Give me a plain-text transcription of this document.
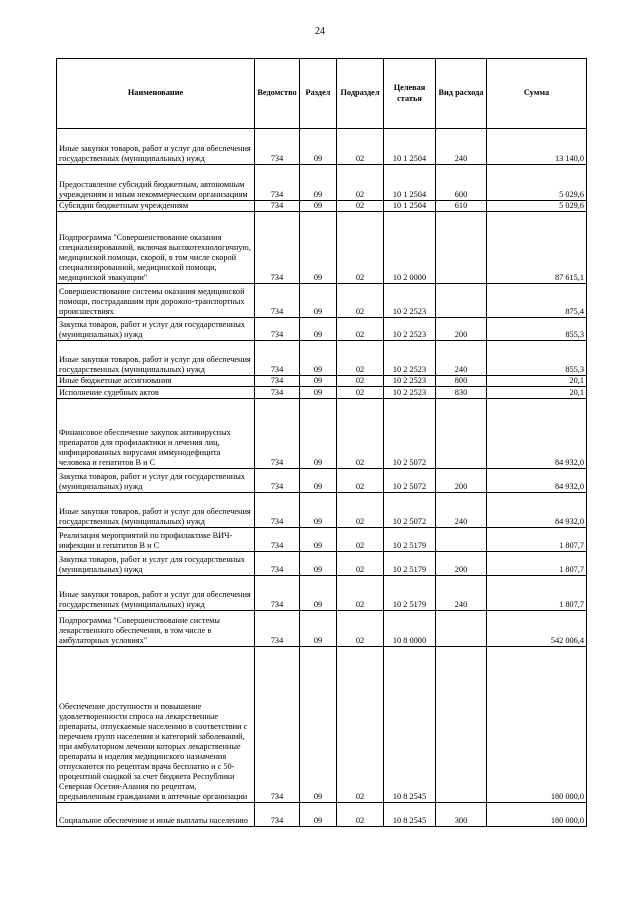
24
Наименование	Ведомство	Раздел	Подраздел	Целевая статья	Вид расхода	Сумма
Иные закупки товаров, работ и услуг для обеспечения государственных (муниципальных) нужд	734	09	02	10 1 2504	240	13 140,0
Предоставление субсидий бюджетным, автономным учреждениям и иным некоммерческим организациям	734	09	02	10 1 2504	600	5 029,6
Субсидии бюджетным учреждениям	734	09	02	10 1 2504	610	5 029,6
Подпрограмма "Совершенствование оказания специализированной, включая высокотехнологичную, медицинской помощи, скорой, в том числе скорой специализированной, медицинской помощи, медицинской эвакуации"	734	09	02	10 2 0000		87 615,1
Совершенствование системы оказания медицинской помощи, пострадавшим при дорожно-транспортных происшествиях	734	09	02	10 2 2523		875,4
Закупка товаров, работ и услуг для государственных (муниципальных) нужд	734	09	02	10 2 2523	200	855,3
Иные закупки товаров, работ и услуг для обеспечения государственных (муниципальных) нужд	734	09	02	10 2 2523	240	855,3
Иные бюджетные ассигнования	734	09	02	10 2 2523	800	20,1
Исполнение судебных актов	734	09	02	10 2 2523	830	20,1
Финансовое обеспечение закупок антивирусных препаратов для профилактики и лечения лиц, инфицированных вирусами иммунодефицита человека и гепатитов В и С	734	09	02	10 2 5072		84 932,0
Закупка товаров, работ и услуг для государственных (муниципальных) нужд	734	09	02	10 2 5072	200	84 932,0
Иные закупки товаров, работ и услуг для обеспечения государственных (муниципальных) нужд	734	09	02	10 2 5072	240	84 932,0
Реализация мероприятий по профилактике ВИЧ-инфекции и гепатитов В и С	734	09	02	10 2 5179		1 807,7
Закупка товаров, работ и услуг для государственных (муниципальных) нужд	734	09	02	10 2 5179	200	1 807,7
Иные закупки товаров, работ и услуг для обеспечения государственных (муниципальных) нужд	734	09	02	10 2 5179	240	1 807,7
Подпрограмма "Совершенствование системы лекарственного обеспечения, в том числе в амбулаторных условиях"	734	09	02	10 8 0000		542 006,4
Обеспечение доступности и повышение удовлетворенности спроса на лекарственные препараты, отпускаемые населению в соответствии с перечнем групп населения и категорий заболеваний, при амбулаторном лечении которых лекарственные препараты и изделия медицинского назначения отпускаются по рецептам врача бесплатно и с 50-процентной скидкой за счет бюджета Республики Северная Осетия-Алания по рецептам, предъявленным гражданами в аптечные организации	734	09	02	10 8 2545		180 000,0
Социальное обеспечение и иные выплаты населению	734	09	02	10 8 2545	300	180 000,0
